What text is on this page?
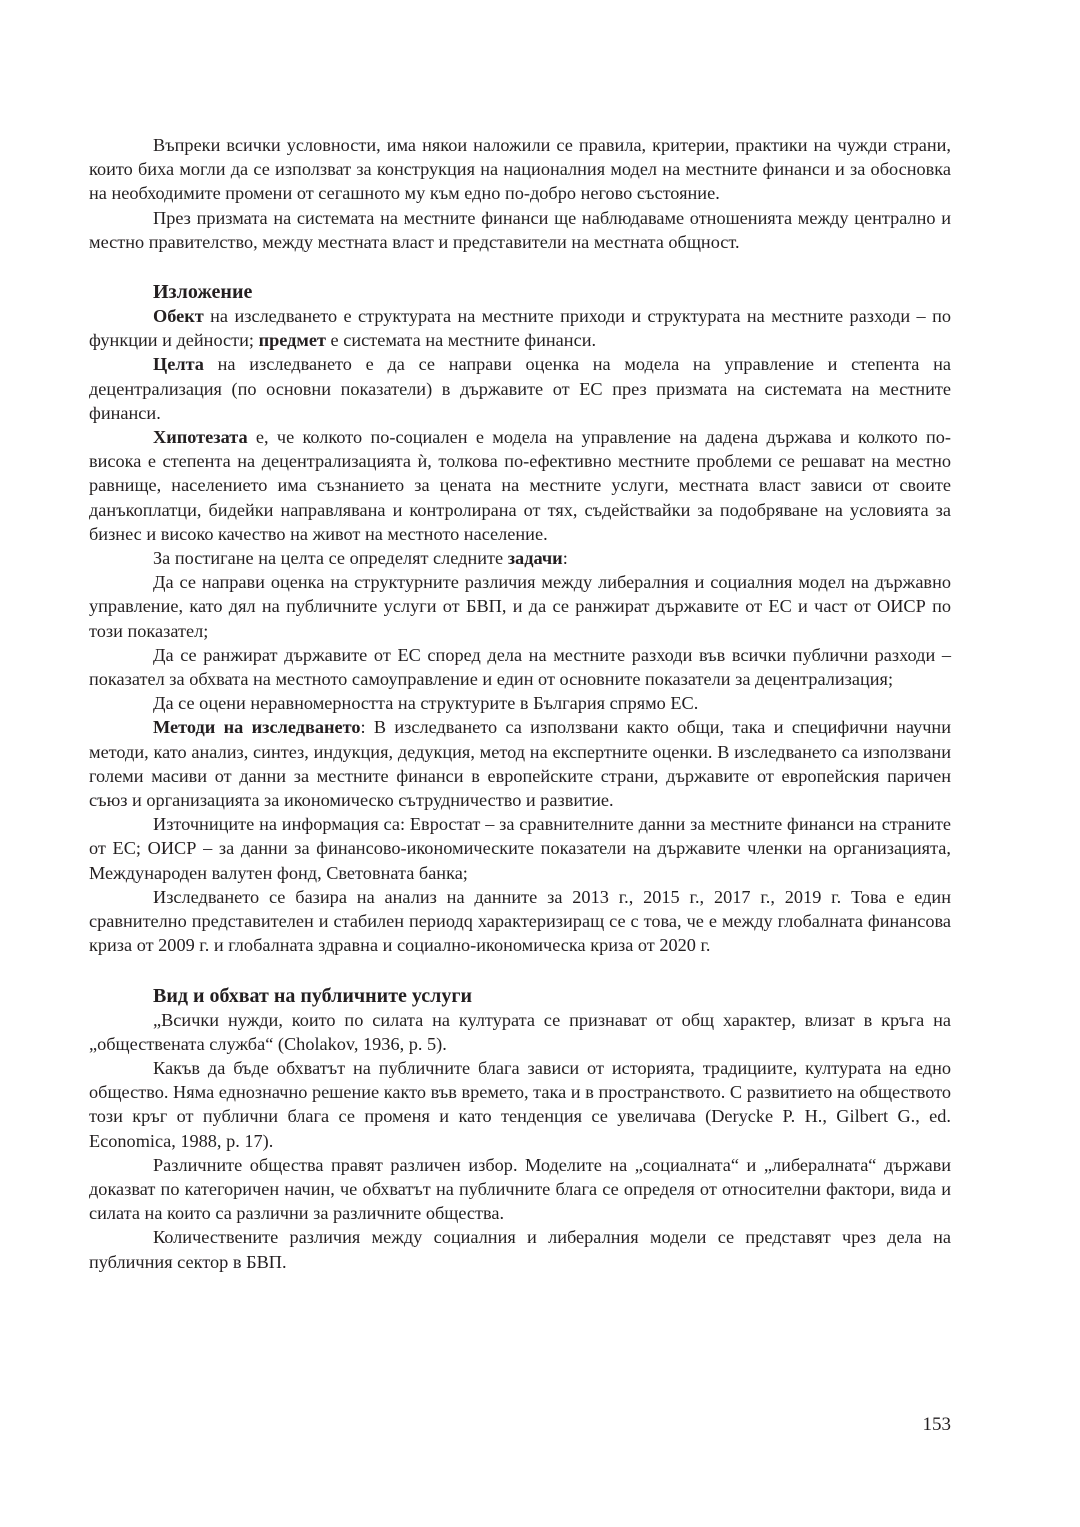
Въпреки всички условности, има някои наложили се правила, критерии, практики на чужди страни, които биха могли да се използват за конструкция на националния модел на местните финанси и за обосновка на необходимите промени от сегашното му към едно по-добро негово състояние.

През призмата на системата на местните финанси ще наблюдаваме отношенията между централно и местно правителство, между местната власт и представители на местната общност.

Изложение

Обект на изследването е структурата на местните приходи и структурата на местните разходи – по функции и дейности; предмет е системата на местните финанси.

Целта на изследването е да се направи оценка на модела на управление и степента на децентрализация (по основни показатели) в държавите от ЕС през призмата на системата на местните финанси.

Хипотезата е, че колкото по-социален е модела на управление на дадена държава и колкото по-висока е степента на децентрализацията ѝ, толкова по-ефективно местните проблеми се решават на местно равнище, населението има съзнанието за цената на местните услуги, местната власт зависи от своите данъкоплатци, бидейки направлявана и контролирана от тях, съдействайки за подобряване на условията за бизнес и високо качество на живот на местното население.

За постигане на целта се определят следните задачи:

Да се направи оценка на структурните различия между либералния и социалния модел на държавно управление, като дял на публичните услуги от БВП, и да се ранжират държавите от ЕС и част от ОИСР по този показател;

Да се ранжират държавите от ЕС според дела на местните разходи във всички публични разходи – показател за обхвата на местното самоуправление и един от основните показатели за децентрализация;

Да се оцени неравномерността на структурите в България спрямо ЕС.

Методи на изследването: В изследването са използвани както общи, така и специфични научни методи, като анализ, синтез, индукция, дедукция, метод на експертните оценки. В изследването са използвани големи масиви от данни за местните финанси в европейските страни, държавите от европейския паричен съюз и организацията за икономическо сътрудничество и развитие.

Източниците на информация са: Евростат – за сравнителните данни за местните финанси на страните от ЕС; ОИСР – за данни за финансово-икономическите показатели на държавите членки на организацията, Международен валутен фонд, Световната банка;

Изследването се базира на анализ на данните за 2013 г., 2015 г., 2017 г., 2019 г. Това е един сравнително представителен и стабилен периодq характеризиращ се с това, че е между глобалната финансова криза от 2009 г. и глобалната здравна и социално-икономическа криза от 2020 г.

Вид и обхват на публичните услуги

„Всички нужди, които по силата на културата се признават от общ характер, влизат в кръга на „обществената служба“ (Cholakov, 1936, p. 5).

Какъв да бъде обхватът на публичните блага зависи от историята, традициите, културата на едно общество. Няма еднозначно решение както във времето, така и в пространството. С развитието на обществото този кръг от публични блага се променя и като тенденция се увеличава (Derycke P. H., Gilbert G., ed. Economica, 1988, p. 17).

Различните общества правят различен избор. Моделите на „социалната“ и „либералната“ държави доказват по категоричен начин, че обхватът на публичните блага се определя от относителни фактори, вида и силата на които са различни за различните общества.

Количествените различия между социалния и либералния модели се представят чрез дела на публичния сектор в БВП.

153
